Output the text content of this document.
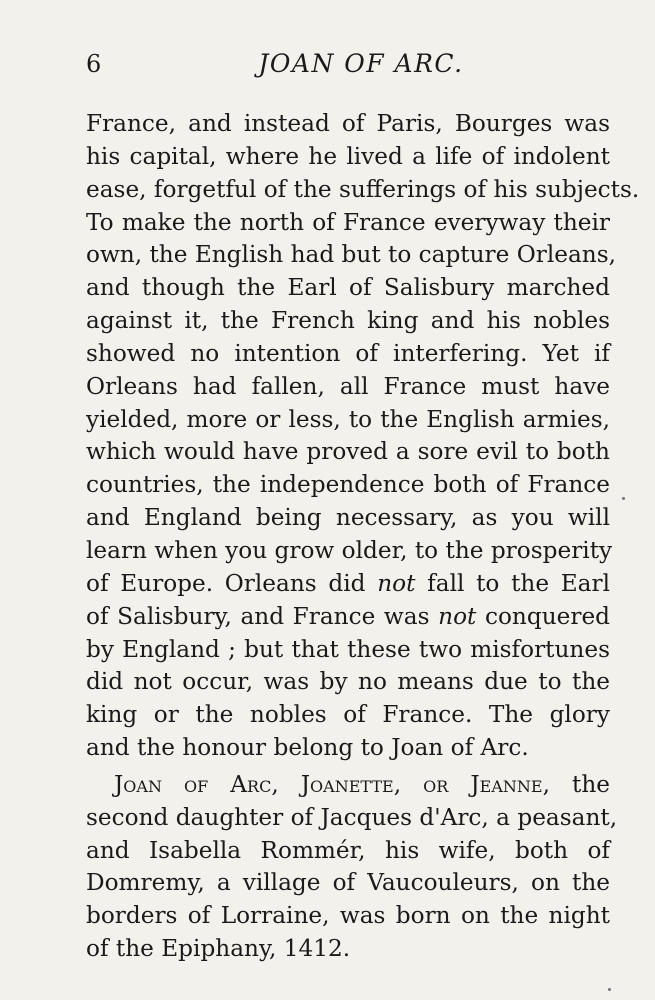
6	JOAN OF ARC.
France, and instead of Paris, Bourges was
his capital, where he lived a life of indolent
ease, forgetful of the sufferings of his subjects.
To make the north of France everyway their
own, the English had but to capture Orleans,
and though the Earl of Salisbury marched
against it, the French king and his nobles
showed no intention of interfering. Yet if
Orleans had fallen, all France must have
yielded, more or less, to the English armies,
which would have proved a sore evil to both
countries, the independence both of France
and England being necessary, as you will
learn when you grow older, to the prosperity
of Europe. Orleans did not fall to the Earl
of Salisbury, and France was not conquered
by England ; but that these two misfortunes
did not occur, was by no means due to the
king or the nobles of France. The glory
and the honour belong to Joan of Arc.
Joan of Arc, Joanette, or Jeanne, the
second daughter of Jacques d'Arc, a peasant,
and Isabella Rommér, his wife, both of
Domremy, a village of Vaucouleurs, on the
borders of Lorraine, was born on the night
of the Epiphany, 1412.
